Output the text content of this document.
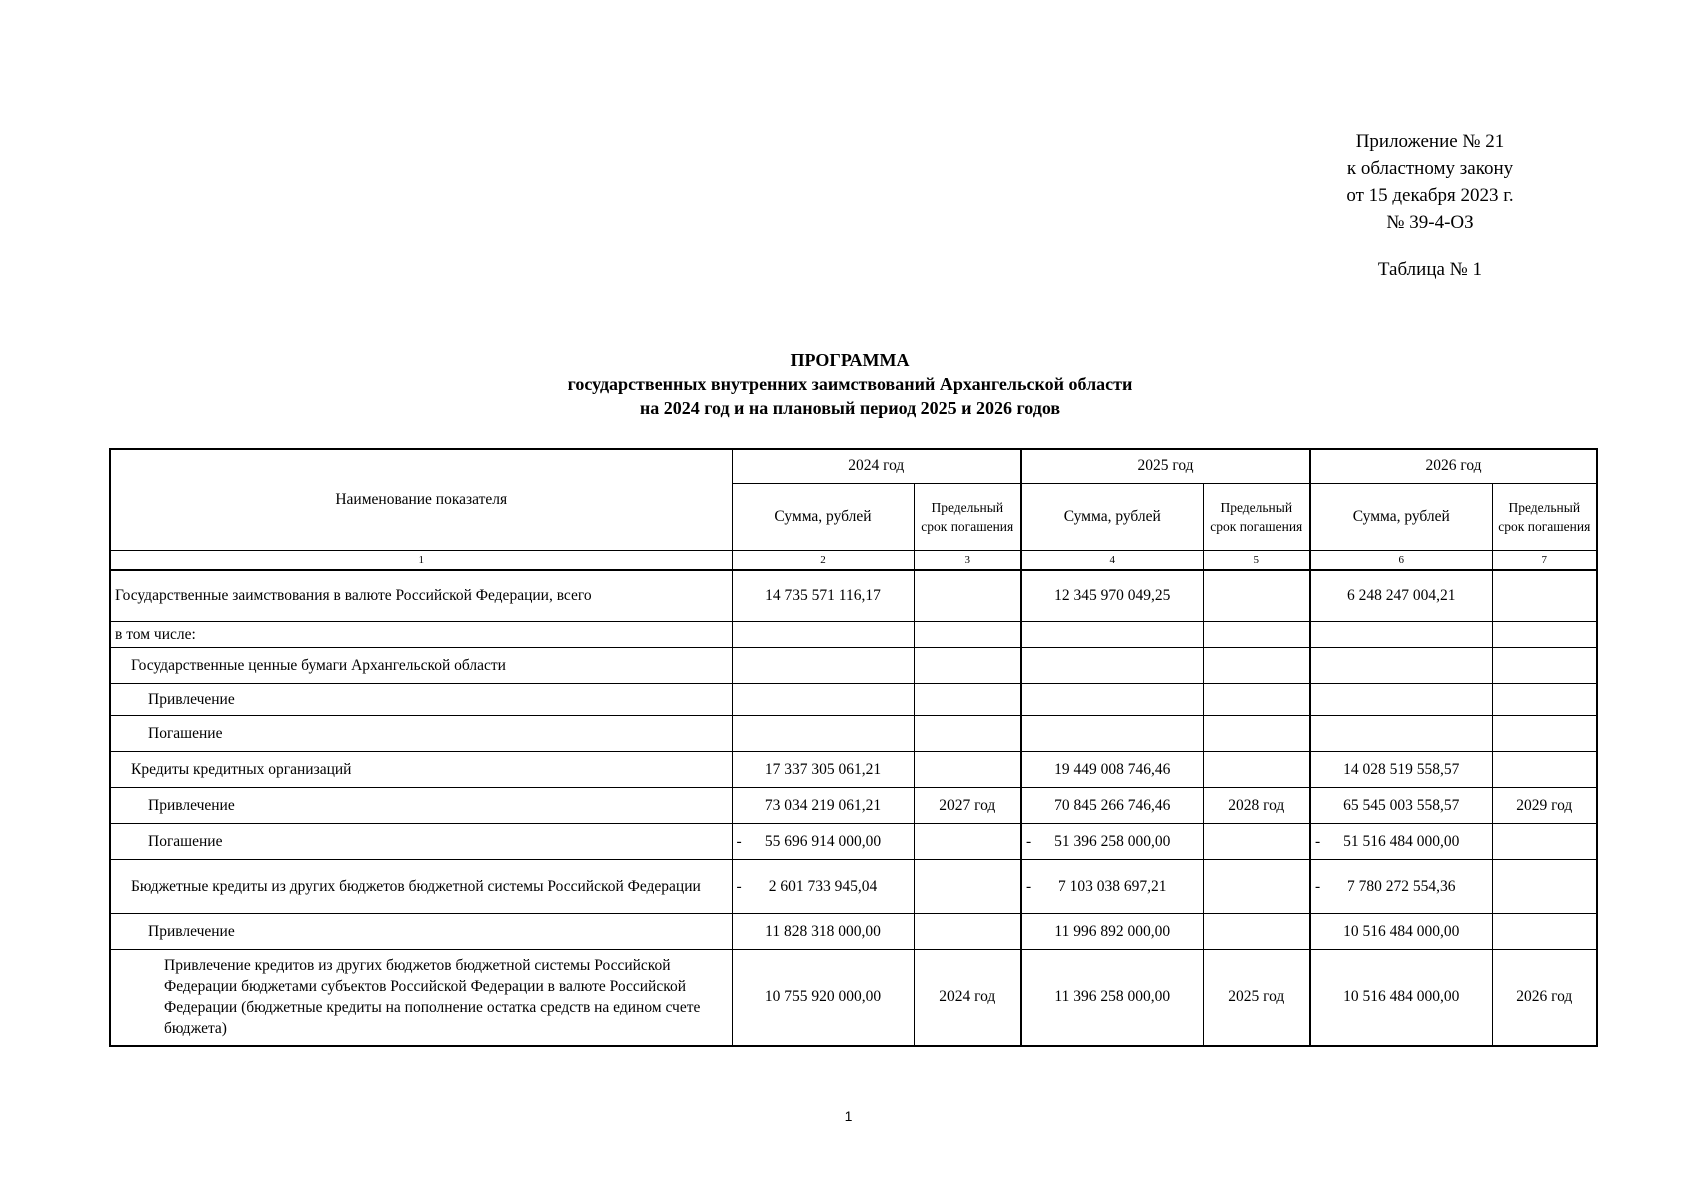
Приложение № 21
к областному закону
от 15 декабря 2023 г.
№ 39-4-ОЗ
Таблица № 1
ПРОГРАММА
государственных внутренних заимствований Архангельской области
на 2024 год и на плановый период 2025 и 2026 годов
Наименование показателя	2024 год		2025 год		2026 год	
	Сумма, рублей	Предельный срок погашения	Сумма, рублей	Предельный срок погашения	Сумма, рублей	Предельный срок погашения
1	2	3	4	5	6	7
Государственные заимствования в валюте Российской Федерации, всего	14 735 571 116,17		12 345 970 049,25		6 248 247 004,21	
в том числе:						
Государственные ценные бумаги Архангельской области						
Привлечение						
Погашение						
Кредиты кредитных организаций	17 337 305 061,21		19 449 008 746,46		14 028 519 558,57	
Привлечение	73 034 219 061,21	2027 год	70 845 266 746,46	2028 год	65 545 003 558,57	2029 год
Погашение	- 55 696 914 000,00		- 51 396 258 000,00		- 51 516 484 000,00	
Бюджетные кредиты из других бюджетов бюджетной системы Российской Федерации	- 2 601 733 945,04		- 7 103 038 697,21		- 7 780 272 554,36	
Привлечение	11 828 318 000,00		11 996 892 000,00		10 516 484 000,00	
Привлечение кредитов из других бюджетов бюджетной системы Российской Федерации бюджетами субъектов Российской Федерации в валюте Российской Федерации (бюджетные кредиты на пополнение остатка средств на едином счете бюджета)	10 755 920 000,00	2024 год	11 396 258 000,00	2025 год	10 516 484 000,00	2026 год
1
